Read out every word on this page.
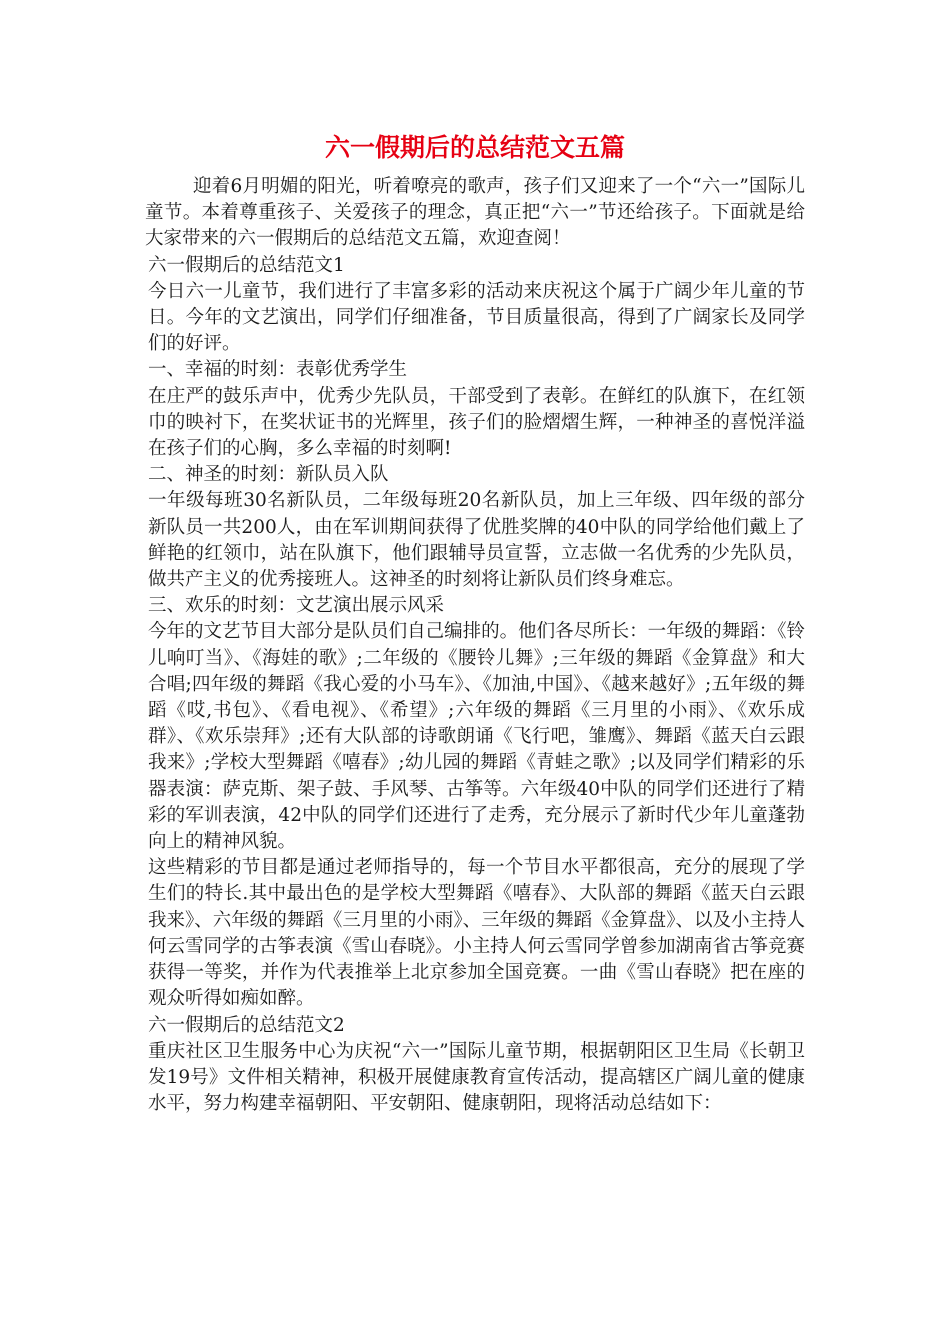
六一假期后的总结范文五篇

迎着6月明媚的阳光，听着嘹亮的歌声，孩子们又迎来了一个“六一”国际儿童节。本着尊重孩子、关爱孩子的理念，真正把“六一”节还给孩子。下面就是给大家带来的六一假期后的总结范文五篇，欢迎查阅！

六一假期后的总结范文1

今日六一儿童节，我们进行了丰富多彩的活动来庆祝这个属于广阔少年儿童的节日。今年的文艺演出，同学们仔细准备，节目质量很高，得到了广阔家长及同学们的好评。

一、幸福的时刻：表彰优秀学生

在庄严的鼓乐声中，优秀少先队员，干部受到了表彰。在鲜红的队旗下，在红领巾的映衬下，在奖状证书的光辉里，孩子们的脸熠熠生辉，一种神圣的喜悦洋溢在孩子们的心胸，多么幸福的时刻啊!

二、神圣的时刻：新队员入队

一年级每班30名新队员，二年级每班20名新队员，加上三年级、四年级的部分新队员一共200人，由在军训期间获得了优胜奖牌的40中队的同学给他们戴上了鲜艳的红领巾，站在队旗下，他们跟辅导员宣誓，立志做一名优秀的少先队员，做共产主义的优秀接班人。这神圣的时刻将让新队员们终身难忘。

三、欢乐的时刻：文艺演出展示风采

今年的文艺节目大部分是队员们自己编排的。他们各尽所长：一年级的舞蹈：《铃儿响叮当》、《海娃的歌》;二年级的《腰铃儿舞》;三年级的舞蹈《金算盘》和大合唱;四年级的舞蹈《我心爱的小马车》、《加油,中国》、《越来越好》;五年级的舞蹈《哎,书包》、《看电视》、《希望》;六年级的舞蹈《三月里的小雨》、《欢乐成群》、《欢乐崇拜》;还有大队部的诗歌朗诵《飞行吧，雏鹰》、舞蹈《蓝天白云跟我来》;学校大型舞蹈《嘻春》;幼儿园的舞蹈《青蛙之歌》;以及同学们精彩的乐器表演：萨克斯、架子鼓、手风琴、古筝等。六年级40中队的同学们还进行了精彩的军训表演，42中队的同学们还进行了走秀，充分展示了新时代少年儿童蓬勃向上的精神风貌。

这些精彩的节目都是通过老师指导的，每一个节目水平都很高，充分的展现了学生们的特长.其中最出色的是学校大型舞蹈《嘻春》、大队部的舞蹈《蓝天白云跟我来》、六年级的舞蹈《三月里的小雨》、三年级的舞蹈《金算盘》、以及小主持人何云雪同学的古筝表演《雪山春晓》。小主持人何云雪同学曾参加湖南省古筝竞赛获得一等奖，并作为代表推举上北京参加全国竞赛。一曲《雪山春晓》把在座的观众听得如痴如醉。

六一假期后的总结范文2

重庆社区卫生服务中心为庆祝“六一”国际儿童节期，根据朝阳区卫生局《长朝卫发19号》文件相关精神，积极开展健康教育宣传活动，提高辖区广阔儿童的健康水平，努力构建幸福朝阳、平安朝阳、健康朝阳，现将活动总结如下：
